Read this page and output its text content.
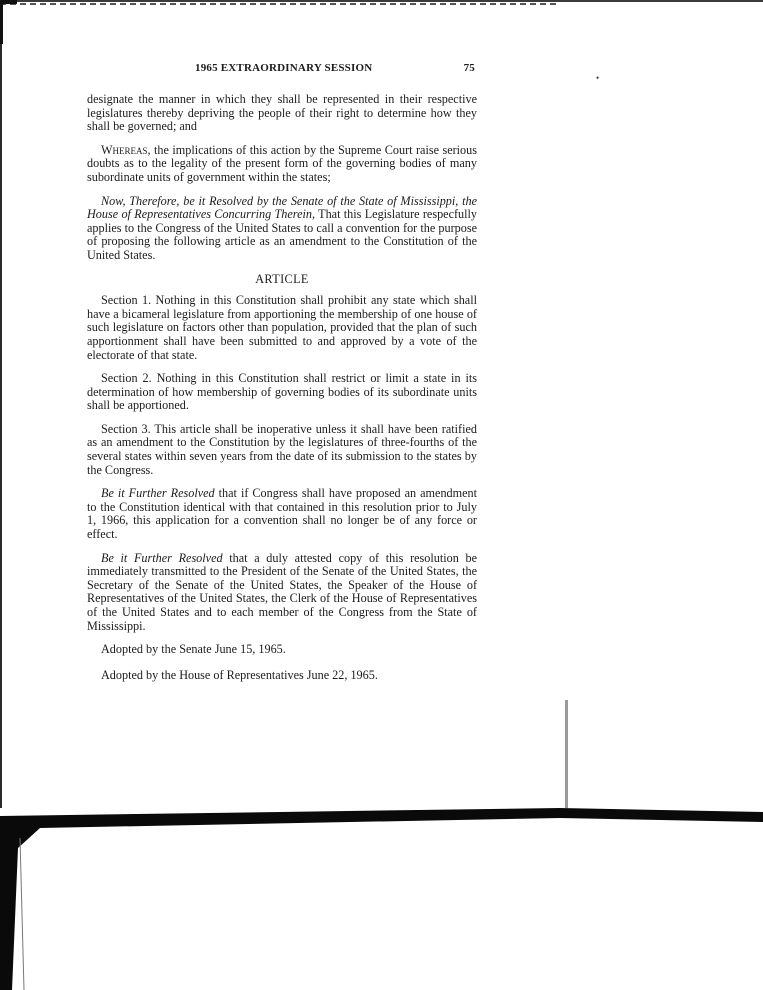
•
1965 EXTRAORDINARY SESSION	75

designate the manner in which they shall be represented in their respective legislatures thereby depriving the people of their right to determine how they shall be governed; and

Whereas, the implications of this action by the Supreme Court raise serious doubts as to the legality of the present form of the governing bodies of many subordinate units of government within the states;

Now, Therefore, be it Resolved by the Senate of the State of Mississippi, the House of Representatives Concurring Therein, That this Legislature respecfully applies to the Congress of the United States to call a convention for the purpose of proposing the following article as an amendment to the Constitution of the United States.

ARTICLE

Section 1. Nothing in this Constitution shall prohibit any state which shall have a bicameral legislature from apportioning the membership of one house of such legislature on factors other than population, provided that the plan of such apportionment shall have been submitted to and approved by a vote of the electorate of that state.

Section 2. Nothing in this Constitution shall restrict or limit a state in its determination of how membership of governing bodies of its subordinate units shall be apportioned.

Section 3. This article shall be inoperative unless it shall have been ratified as an amendment to the Constitution by the legislatures of three-fourths of the several states within seven years from the date of its submission to the states by the Congress.

Be it Further Resolved that if Congress shall have proposed an amendment to the Constitution identical with that contained in this resolution prior to July 1, 1966, this application for a convention shall no longer be of any force or effect.

Be it Further Resolved that a duly attested copy of this resolution be immediately transmitted to the President of the Senate of the United States, the Secretary of the Senate of the United States, the Speaker of the House of Representatives of the United States, the Clerk of the House of Representatives of the United States and to each member of the Congress from the State of Mississippi.

Adopted by the Senate June 15, 1965.

Adopted by the House of Representatives June 22, 1965.
